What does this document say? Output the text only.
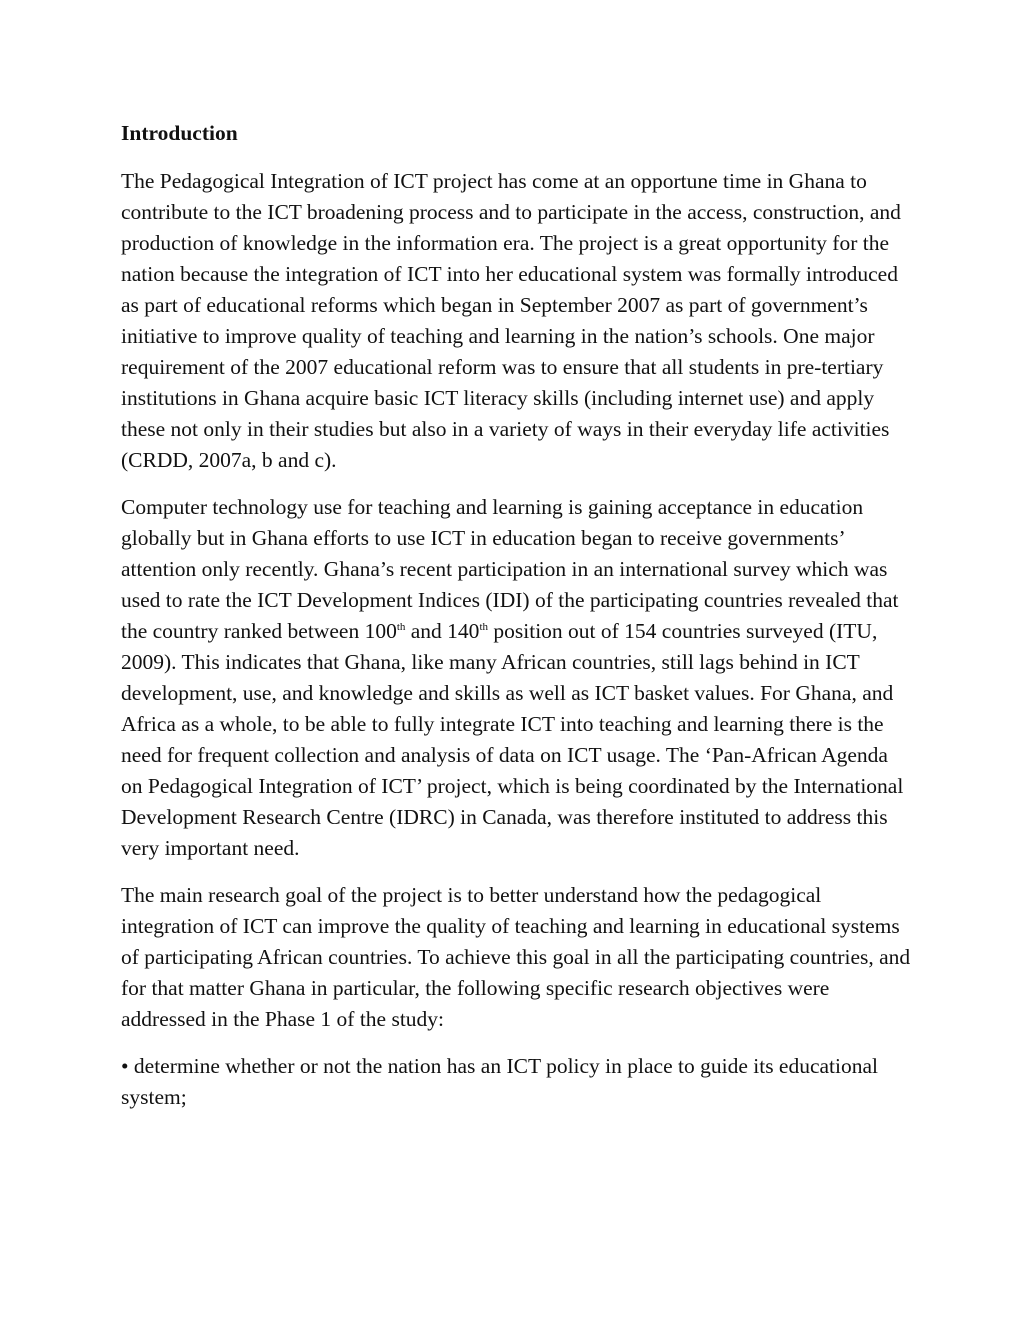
Introduction

The Pedagogical Integration of ICT project has come at an opportune time in Ghana to contribute to the ICT broadening process and to participate in the access, construction, and production of knowledge in the information era. The project is a great opportunity for the nation because the integration of ICT into her educational system was formally introduced as part of educational reforms which began in September 2007 as part of government’s initiative to improve quality of teaching and learning in the nation’s schools. One major requirement of the 2007 educational reform was to ensure that all students in pre-tertiary institutions in Ghana acquire basic ICT literacy skills (including internet use) and apply these not only in their studies but also in a variety of ways in their everyday life activities (CRDD, 2007a, b and c).

Computer technology use for teaching and learning is gaining acceptance in education globally but in Ghana efforts to use ICT in education began to receive governments’ attention only recently. Ghana’s recent participation in an international survey which was used to rate the ICT Development Indices (IDI) of the participating countries revealed that the country ranked between 100th and 140th position out of 154 countries surveyed (ITU, 2009). This indicates that Ghana, like many African countries, still lags behind in ICT development, use, and knowledge and skills as well as ICT basket values. For Ghana, and Africa as a whole, to be able to fully integrate ICT into teaching and learning there is the need for frequent collection and analysis of data on ICT usage. The ‘Pan-African Agenda on Pedagogical Integration of ICT’ project, which is being coordinated by the International Development Research Centre (IDRC) in Canada, was therefore instituted to address this very important need.

The main research goal of the project is to better understand how the pedagogical integration of ICT can improve the quality of teaching and learning in educational systems of participating African countries. To achieve this goal in all the participating countries, and for that matter Ghana in particular, the following specific research objectives were addressed in the Phase 1 of the study:

• determine whether or not the nation has an ICT policy in place to guide its educational system;
